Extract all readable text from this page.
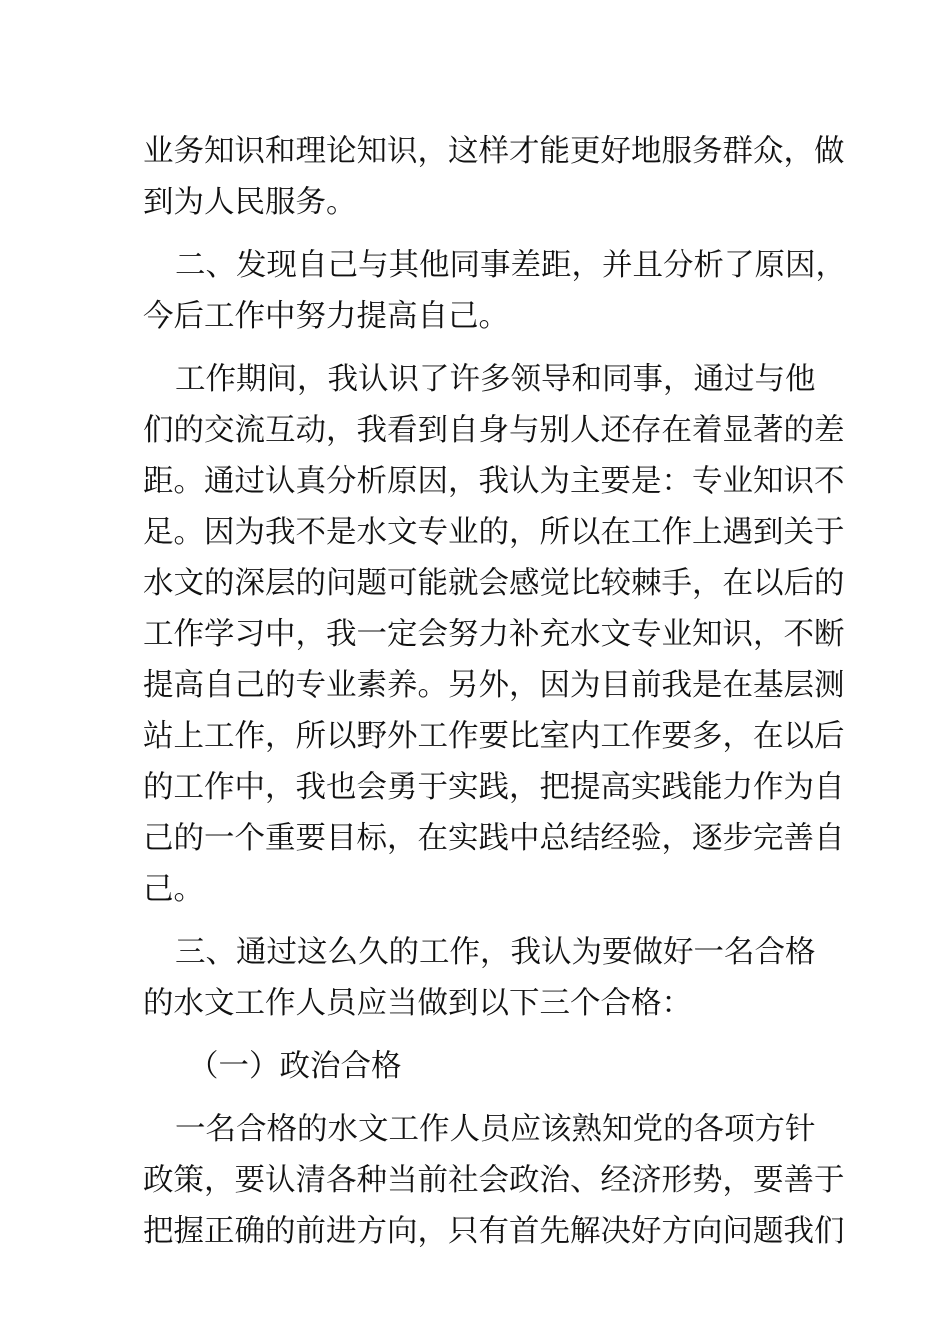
业务知识和理论知识，这样才能更好地服务群众，做
到为人民服务。
二、发现自己与其他同事差距，并且分析了原因，
今后工作中努力提高自己。
工作期间，我认识了许多领导和同事，通过与他
们的交流互动，我看到自身与别人还存在着显著的差
距。通过认真分析原因，我认为主要是：专业知识不
足。因为我不是水文专业的，所以在工作上遇到关于
水文的深层的问题可能就会感觉比较棘手，在以后的
工作学习中，我一定会努力补充水文专业知识，不断
提高自己的专业素养。另外，因为目前我是在基层测
站上工作，所以野外工作要比室内工作要多，在以后
的工作中，我也会勇于实践，把提高实践能力作为自
己的一个重要目标，在实践中总结经验，逐步完善自
己。
三、通过这么久的工作，我认为要做好一名合格
的水文工作人员应当做到以下三个合格：
（一）政治合格
一名合格的水文工作人员应该熟知党的各项方针
政策，要认清各种当前社会政治、经济形势，要善于
把握正确的前进方向，只有首先解决好方向问题我们
